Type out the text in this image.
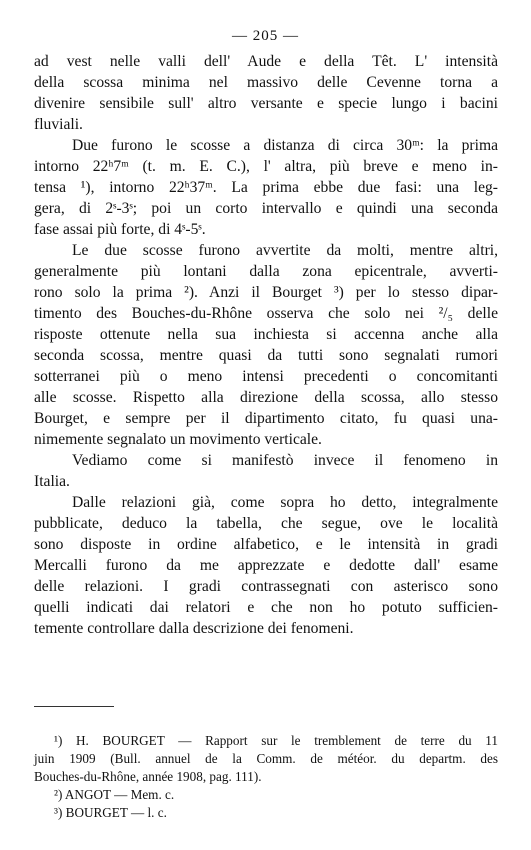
— 205 —
ad vest nelle valli dell' Aude e della Têt. L' intensità
della scossa minima nel massivo delle Cevenne torna a
divenire sensibile sull' altro versante e specie lungo i bacini
fluviali.
Due furono le scosse a distanza di circa 30ᵐ: la prima
intorno 22ʰ7ᵐ (t. m. E. C.), l' altra, più breve e meno in-
tensa ¹), intorno 22ʰ37ᵐ. La prima ebbe due fasi: una leg-
gera, di 2ˢ-3ˢ; poi un corto intervallo e quindi una seconda
fase assai più forte, di 4ˢ-5ˢ.
Le due scosse furono avvertite da molti, mentre altri,
generalmente più lontani dalla zona epicentrale, avverti-
rono solo la prima ²). Anzi il Bourget ³) per lo stesso dipar-
timento des Bouches-du-Rhône osserva che solo nei ²/₅ delle
risposte ottenute nella sua inchiesta si accenna anche alla
seconda scossa, mentre quasi da tutti sono segnalati rumori
sotterranei più o meno intensi precedenti o concomitanti
alle scosse. Rispetto alla direzione della scossa, allo stesso
Bourget, e sempre per il dipartimento citato, fu quasi una-
nimemente segnalato un movimento verticale.
Vediamo come si manifestò invece il fenomeno in
Italia.
Dalle relazioni già, come sopra ho detto, integralmente
pubblicate, deduco la tabella, che segue, ove le località
sono disposte in ordine alfabetico, e le intensità in gradi
Mercalli furono da me apprezzate e dedotte dall' esame
delle relazioni. I gradi contrassegnati con asterisco sono
quelli indicati dai relatori e che non ho potuto sufficien-
temente controllare dalla descrizione dei fenomeni.
¹) H. BOURGET — Rapport sur le tremblement de terre du 11
juin 1909 (Bull. annuel de la Comm. de météor. du departm. des
Bouches-du-Rhône, année 1908, pag. 111).
²) ANGOT — Mem. c.
³) BOURGET — l. c.
